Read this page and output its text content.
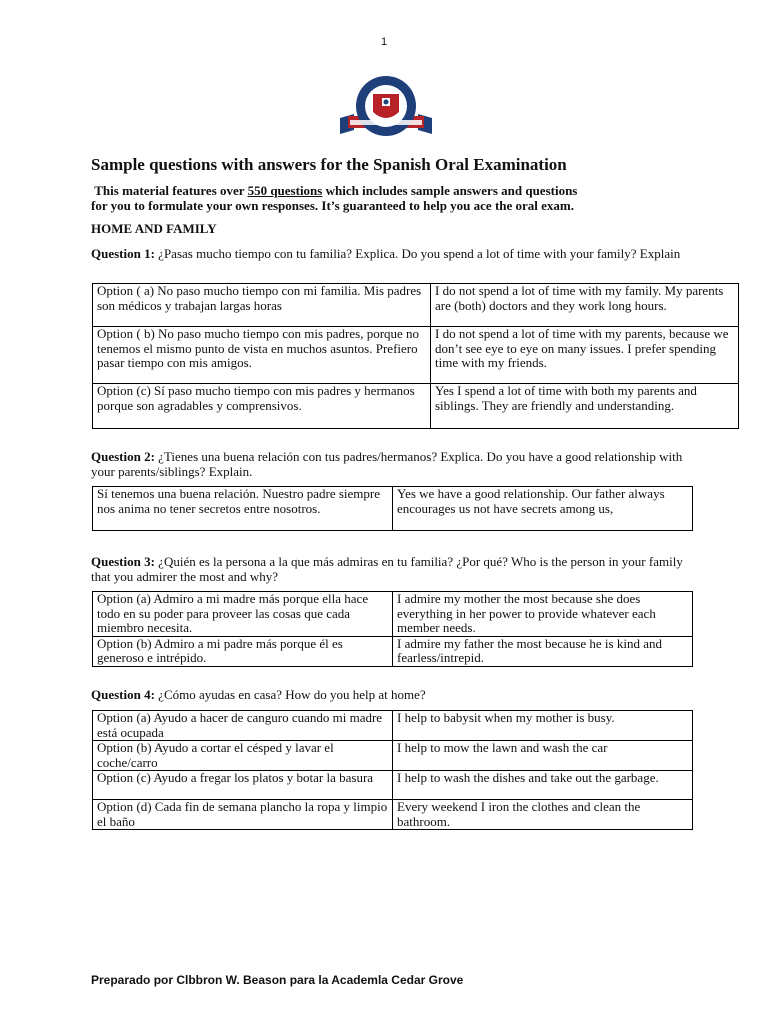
1
Sample questions with answers for the Spanish Oral Examination
This material features over 550 questions which includes sample answers and questions
for you to formulate your own responses. It’s guaranteed to help you ace the oral exam.
HOME AND FAMILY
Question 1: ¿Pasas mucho tiempo con tu familia? Explica. Do you spend a lot of time with your family? Explain
Option ( a) No paso mucho tiempo con mi familia. Mis padres son médicos y trabajan largas horas	I do not spend a lot of time with my family. My parents are (both) doctors and they work long hours.
Option ( b) No paso mucho tiempo con mis padres, porque no tenemos el mismo punto de vista en muchos asuntos. Prefiero pasar tiempo con mis amigos.	I do not spend a lot of time with my parents, because we don’t see eye to eye on many issues. I prefer spending time with my friends.
Option (c) Sí paso mucho tiempo con mis padres y hermanos porque son agradables y comprensivos.	Yes I spend a lot of time with both my parents and siblings. They are friendly and understanding.
Question 2: ¿Tienes una buena relación con tus padres/hermanos? Explica. Do you have a good relationship with your parents/siblings? Explain.
Sí tenemos una buena relación. Nuestro padre siempre nos anima no tener secretos entre nosotros.	Yes we have a good relationship. Our father always encourages us not have secrets among us,
Question 3: ¿Quién es la persona a la que más admiras en tu familia? ¿Por qué? Who is the person in your family that you admirer the most and why?
Option (a) Admiro a mi madre más porque ella hace todo en su poder para proveer las cosas que cada miembro necesita.	I admire my mother the most because she does everything in her power to provide whatever each member needs.
Option (b) Admiro a mi padre más porque él es generoso e intrépido.	I admire my father the most because he is kind and fearless/intrepid.
Question 4: ¿Cómo ayudas en casa? How do you help at home?
Option (a) Ayudo a hacer de canguro cuando mi madre está ocupada	I help to babysit when my mother is busy.
Option (b) Ayudo a cortar el césped y lavar el coche/carro	I help to mow the lawn and wash the car
Option (c) Ayudo a fregar los platos y botar la basura	I help to wash the dishes and take out the garbage.
Option (d) Cada fin de semana plancho la ropa y limpio el baño	Every weekend I iron the clothes and clean the bathroom.
Preparado por Clbbron W. Beason para la Academla Cedar Grove
